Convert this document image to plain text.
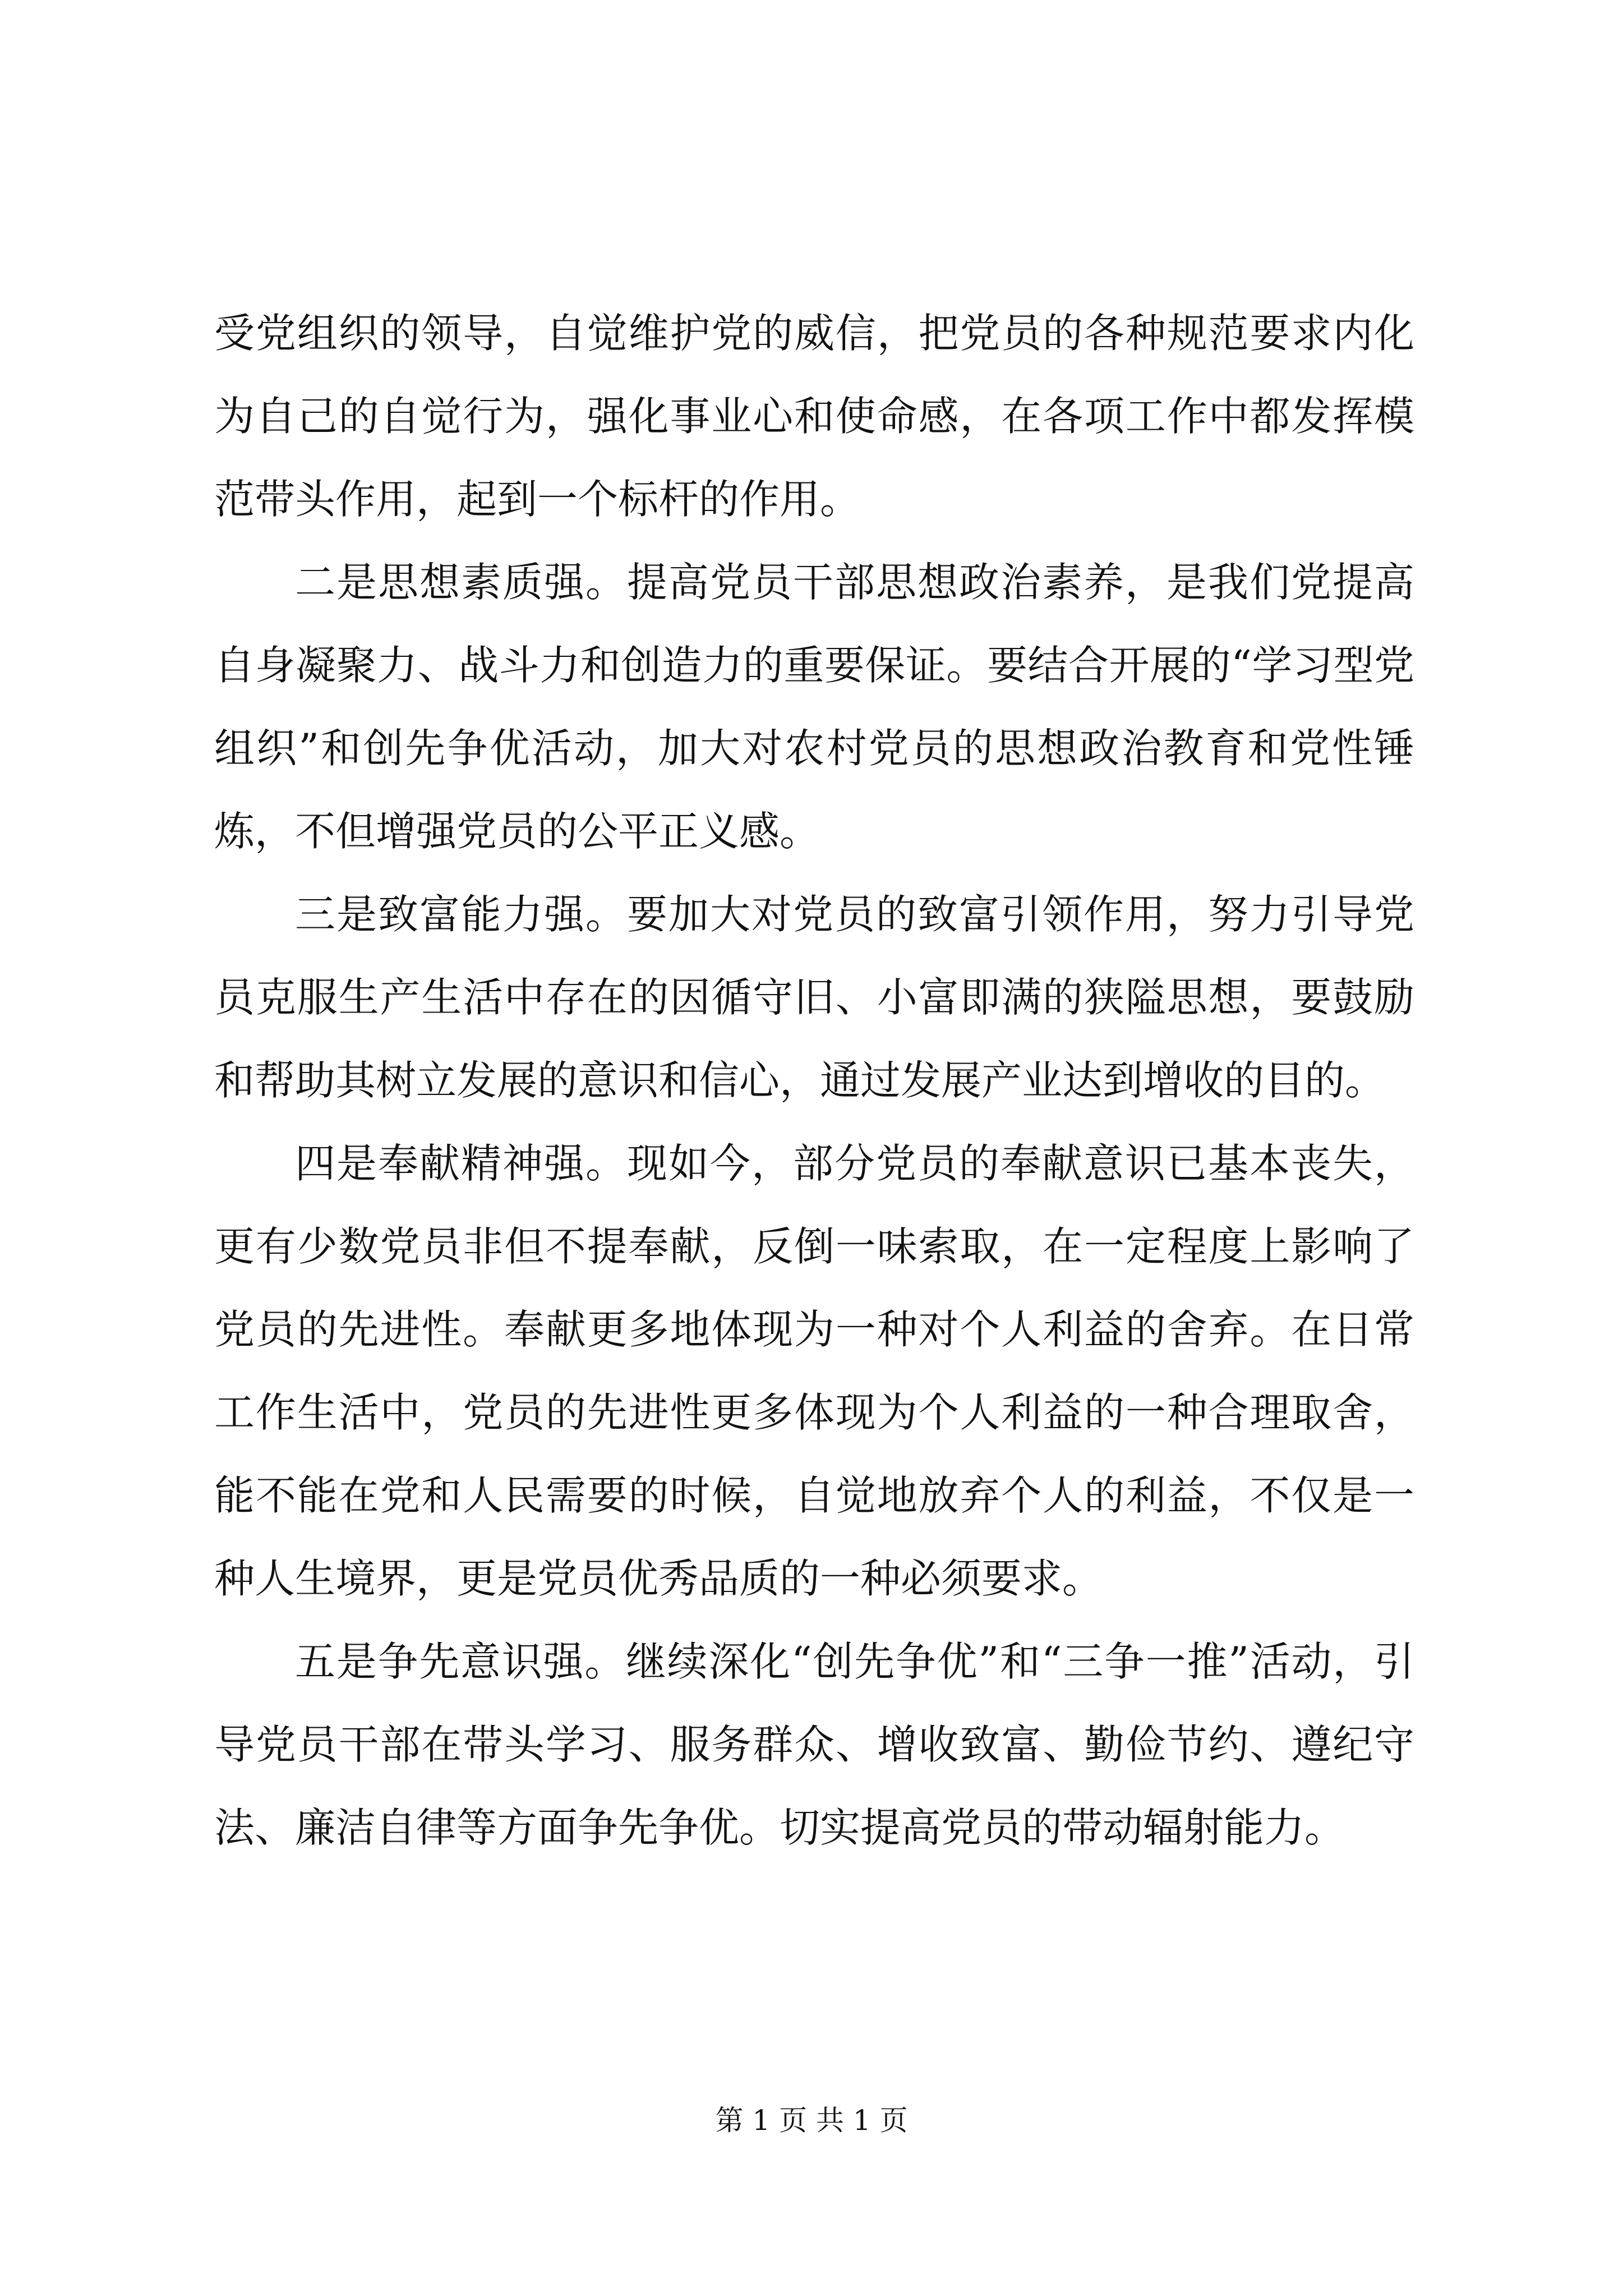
受党组织的领导，自觉维护党的威信，把党员的各种规范要求内化为自己的自觉行为，强化事业心和使命感，在各项工作中都发挥模范带头作用，起到一个标杆的作用。

二是思想素质强。提高党员干部思想政治素养，是我们党提高自身凝聚力、战斗力和创造力的重要保证。要结合开展的“学习型党组织”和创先争优活动，加大对农村党员的思想政治教育和党性锤炼，不但增强党员的公平正义感。

三是致富能力强。要加大对党员的致富引领作用，努力引导党员克服生产生活中存在的因循守旧、小富即满的狭隘思想，要鼓励和帮助其树立发展的意识和信心，通过发展产业达到增收的目的。

四是奉献精神强。现如今，部分党员的奉献意识已基本丧失，更有少数党员非但不提奉献，反倒一味索取，在一定程度上影响了党员的先进性。奉献更多地体现为一种对个人利益的舍弃。在日常工作生活中，党员的先进性更多体现为个人利益的一种合理取舍，能不能在党和人民需要的时候，自觉地放弃个人的利益，不仅是一种人生境界，更是党员优秀品质的一种必须要求。

五是争先意识强。继续深化“创先争优”和“三争一推”活动，引导党员干部在带头学习、服务群众、增收致富、勤俭节约、遵纪守法、廉洁自律等方面争先争优。切实提高党员的带动辐射能力。

第 1 页 共 1 页
